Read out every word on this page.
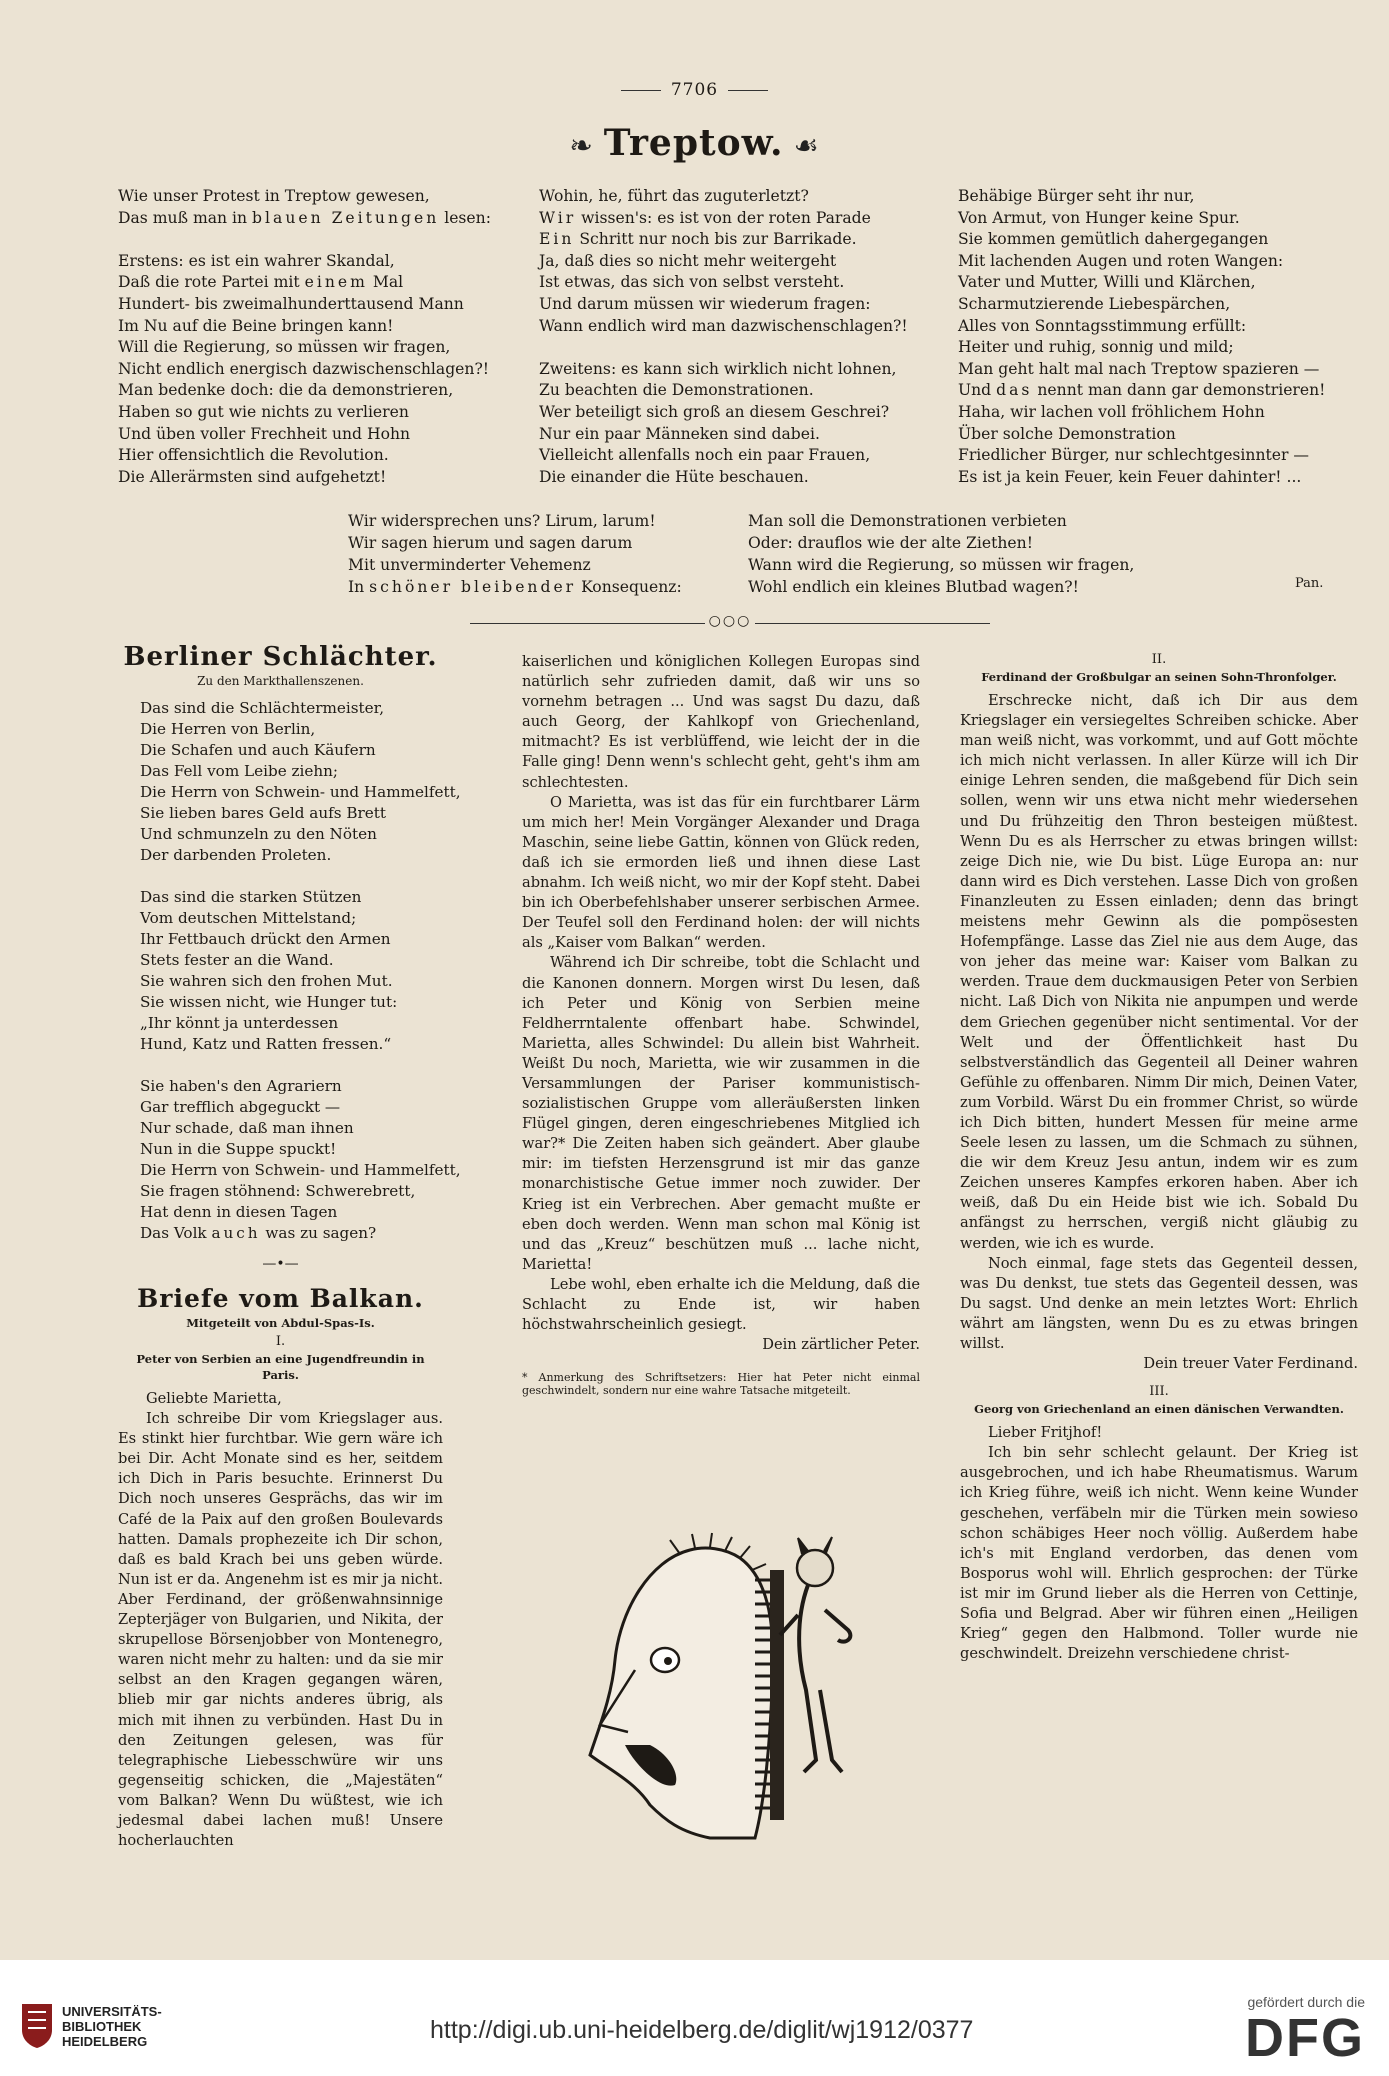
7706
❧ Treptow. ☙

Wie unser Protest in Treptow gewesen,

Das muß man in blauen Zeitungen lesen:

Erstens: es ist ein wahrer Skandal,

Daß die rote Partei mit einem Mal

Hundert- bis zweimalhunderttausend Mann

Im Nu auf die Beine bringen kann!

Will die Regierung, so müssen wir fragen,

Nicht endlich energisch dazwischenschlagen?!

Man bedenke doch: die da demonstrieren,

Haben so gut wie nichts zu verlieren

Und üben voller Frechheit und Hohn

Hier offensichtlich die Revolution.

Die Allerärmsten sind aufgehetzt!

Wohin, he, führt das zuguterletzt?

Wir wissen's: es ist von der roten Parade

Ein Schritt nur noch bis zur Barrikade.

Ja, daß dies so nicht mehr weitergeht

Ist etwas, das sich von selbst versteht.

Und darum müssen wir wiederum fragen:

Wann endlich wird man dazwischenschlagen?!

Zweitens: es kann sich wirklich nicht lohnen,

Zu beachten die Demonstrationen.

Wer beteiligt sich groß an diesem Geschrei?

Nur ein paar Männeken sind dabei.

Vielleicht allenfalls noch ein paar Frauen,

Die einander die Hüte beschauen.

Behäbige Bürger seht ihr nur,

Von Armut, von Hunger keine Spur.

Sie kommen gemütlich dahergegangen

Mit lachenden Augen und roten Wangen:

Vater und Mutter, Willi und Klärchen,

Scharmutzierende Liebespärchen,

Alles von Sonntagsstimmung erfüllt:

Heiter und ruhig, sonnig und mild;

Man geht halt mal nach Treptow spazieren —

Und das nennt man dann gar demonstrieren!

Haha, wir lachen voll fröhlichem Hohn

Über solche Demonstration

Friedlicher Bürger, nur schlechtgesinnter —

Es ist ja kein Feuer, kein Feuer dahinter! ...

Wir widersprechen uns? Lirum, larum!

Wir sagen hierum und sagen darum

Mit unverminderter Vehemenz

In schöner bleibender Konsequenz:

Man soll die Demonstrationen verbieten

Oder: drauflos wie der alte Ziethen!

Wann wird die Regierung, so müssen wir fragen,

Wohl endlich ein kleines Blutbad wagen?!	Pan.
○○○
Berliner Schlächter.
Zu den Markthallenszenen.

Das sind die Schlächtermeister,

Die Herren von Berlin,

Die Schafen und auch Käufern

Das Fell vom Leibe ziehn;

Die Herrn von Schwein- und Hammelfett,

Sie lieben bares Geld aufs Brett

Und schmunzeln zu den Nöten

Der darbenden Proleten.

Das sind die starken Stützen

Vom deutschen Mittelstand;

Ihr Fettbauch drückt den Armen

Stets fester an die Wand.

Sie wahren sich den frohen Mut.

Sie wissen nicht, wie Hunger tut:

„Ihr könnt ja unterdessen

Hund, Katz und Ratten fressen.“

Sie haben's den Agrariern

Gar trefflich abgeguckt —

Nur schade, daß man ihnen

Nun in die Suppe spuckt!

Die Herrn von Schwein- und Hammelfett,

Sie fragen stöhnend: Schwerebrett,

Hat denn in diesen Tagen

Das Volk auch was zu sagen?

—•—
Briefe vom Balkan.
Mitgeteilt von Abdul-Spas-Is.
I.
Peter von Serbien an eine Jugendfreundin in Paris.

Geliebte Marietta,

Ich schreibe Dir vom Kriegslager aus. Es stinkt hier furchtbar. Wie gern wäre ich bei Dir. Acht Monate sind es her, seitdem ich Dich in Paris besuchte. Erinnerst Du Dich noch unseres Gesprächs, das wir im Café de la Paix auf den großen Boulevards hatten. Damals prophezeite ich Dir schon, daß es bald Krach bei uns geben würde. Nun ist er da. Angenehm ist es mir ja nicht. Aber Ferdinand, der größenwahnsinnige Zepterjäger von Bulgarien, und Nikita, der skrupellose Börsenjobber von Montenegro, waren nicht mehr zu halten: und da sie mir selbst an den Kragen gegangen wären, blieb mir gar nichts anderes übrig, als mich mit ihnen zu verbünden. Hast Du in den Zeitungen gelesen, was für telegraphische Liebesschwüre wir uns gegenseitig schicken, die „Majestäten“ vom Balkan? Wenn Du wüßtest, wie ich jedesmal dabei lachen muß! Unsere hocherlauchten

kaiserlichen und königlichen Kollegen Europas sind natürlich sehr zufrieden damit, daß wir uns so vornehm betragen ... Und was sagst Du dazu, daß auch Georg, der Kahlkopf von Griechenland, mitmacht? Es ist verblüffend, wie leicht der in die Falle ging! Denn wenn's schlecht geht, geht's ihm am schlechtesten.

O Marietta, was ist das für ein furchtbarer Lärm um mich her! Mein Vorgänger Alexander und Draga Maschin, seine liebe Gattin, können von Glück reden, daß ich sie ermorden ließ und ihnen diese Last abnahm. Ich weiß nicht, wo mir der Kopf steht. Dabei bin ich Oberbefehlshaber unserer serbischen Armee. Der Teufel soll den Ferdinand holen: der will nichts als „Kaiser vom Balkan“ werden.

Während ich Dir schreibe, tobt die Schlacht und die Kanonen donnern. Morgen wirst Du lesen, daß ich Peter und König von Serbien meine Feldherrntalente offenbart habe. Schwindel, Marietta, alles Schwindel: Du allein bist Wahrheit. Weißt Du noch, Marietta, wie wir zusammen in die Versammlungen der Pariser kommunistisch-sozialistischen Gruppe vom alleräußersten linken Flügel gingen, deren eingeschriebenes Mitglied ich war?* Die Zeiten haben sich geändert. Aber glaube mir: im tiefsten Herzensgrund ist mir das ganze monarchistische Getue immer noch zuwider. Der Krieg ist ein Verbrechen. Aber gemacht mußte er eben doch werden. Wenn man schon mal König ist und das „Kreuz“ beschützen muß ... lache nicht, Marietta!

Lebe wohl, eben erhalte ich die Meldung, daß die Schlacht zu Ende ist, wir haben höchstwahrscheinlich gesiegt.

Dein zärtlicher Peter.

* Anmerkung des Schriftsetzers: Hier hat Peter nicht einmal geschwindelt, sondern nur eine wahre Tatsache mitgeteilt.

II.
Ferdinand der Großbulgar an seinen Sohn-Thronfolger.

Erschrecke nicht, daß ich Dir aus dem Kriegslager ein versiegeltes Schreiben schicke. Aber man weiß nicht, was vorkommt, und auf Gott möchte ich mich nicht verlassen. In aller Kürze will ich Dir einige Lehren senden, die maßgebend für Dich sein sollen, wenn wir uns etwa nicht mehr wiedersehen und Du frühzeitig den Thron besteigen müßtest. Wenn Du es als Herrscher zu etwas bringen willst: zeige Dich nie, wie Du bist. Lüge Europa an: nur dann wird es Dich verstehen. Lasse Dich von großen Finanzleuten zu Essen einladen; denn das bringt meistens mehr Gewinn als die pompösesten Hofempfänge. Lasse das Ziel nie aus dem Auge, das von jeher das meine war: Kaiser vom Balkan zu werden. Traue dem duckmausigen Peter von Serbien nicht. Laß Dich von Nikita nie anpumpen und werde dem Griechen gegenüber nicht sentimental. Vor der Welt und der Öffentlichkeit hast Du selbstverständlich das Gegenteil all Deiner wahren Gefühle zu offenbaren. Nimm Dir mich, Deinen Vater, zum Vorbild. Wärst Du ein frommer Christ, so würde ich Dich bitten, hundert Messen für meine arme Seele lesen zu lassen, um die Schmach zu sühnen, die wir dem Kreuz Jesu antun, indem wir es zum Zeichen unseres Kampfes erkoren haben. Aber ich weiß, daß Du ein Heide bist wie ich. Sobald Du anfängst zu herrschen, vergiß nicht gläubig zu werden, wie ich es wurde.

Noch einmal, fage stets das Gegenteil dessen, was Du denkst, tue stets das Gegenteil dessen, was Du sagst. Und denke an mein letztes Wort: Ehrlich währt am längsten, wenn Du es zu etwas bringen willst.

Dein treuer Vater Ferdinand.

III.
Georg von Griechenland an einen dänischen Verwandten.

Lieber Fritjhof!

Ich bin sehr schlecht gelaunt. Der Krieg ist ausgebrochen, und ich habe Rheumatismus. Warum ich Krieg führe, weiß ich nicht. Wenn keine Wunder geschehen, verfäbeln mir die Türken mein sowieso schon schäbiges Heer noch völlig. Außerdem habe ich's mit England verdorben, das denen vom Bosporus wohl will. Ehrlich gesprochen: der Türke ist mir im Grund lieber als die Herren von Cettinje, Sofia und Belgrad. Aber wir führen einen „Heiligen Krieg“ gegen den Halbmond. Toller wurde nie geschwindelt. Dreizehn verschiedene christ-

UNIVERSITÄTS-

BIBLIOTHEK

HEIDELBERG	http://digi.ub.uni-heidelberg.de/diglit/wj1912/0377
gefördert durch die
DFG
